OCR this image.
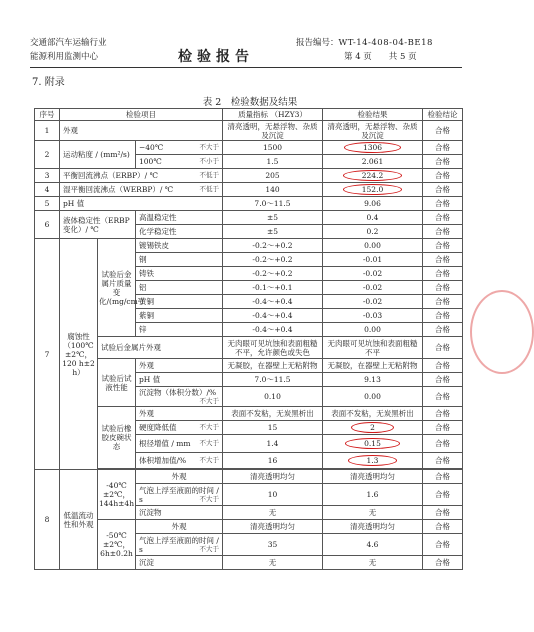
交通部汽车运输行业
能源利用监测中心	检验报告
报告编号：WT-14-408-04-BE18
第 4 页　　共 5 页
7. 附录
表 2　检验数据及结果
序号	检验项目			质量指标 （HZY3）	检验结果	检验结论
1	外观			清亮透明，无悬浮物、杂质及沉淀	清亮透明，无悬浮物、杂质及沉淀	合格
2	运动粘度 / (mm²/s)		−40℃ 不大于	1500	1306	合格
			100℃ 不小于	1.5	2.061	合格
3	平衡回流沸点（ERBP）/ ℃ 不低于			205	224.2	合格
4	湿平衡回流沸点（WERBP）/ ℃ 不低于			140	152.0	合格
5	pH 值			7.0～11.5	9.06	合格
6	液体稳定性（ERBP 变化）/ ℃		高温稳定性	±5	0.4	合格
			化学稳定性	±5	0.2	合格
7	腐蚀性（100℃±2℃，120 h±2 h）	试验后金属片质量变化/(mg/cm²)	镀锡铁皮	-0.2～+0.2	0.00	合格
			钢	-0.2～+0.2	-0.01	合格
			铸铁	-0.2～+0.2	-0.02	合格
			铝	-0.1～+0.1	-0.02	合格
			黄铜	-0.4～+0.4	-0.02	合格
			紫铜	-0.4～+0.4	-0.03	合格
			锌	-0.4～+0.4	0.00	合格
		试验后金属片外观		无肉眼可见坑蚀和表面粗糙不平，允许颜色或失色	无肉眼可见坑蚀和表面粗糙不平	合格
		试验后试液性能	外观	无凝胶，在器壁上无粘附物	无凝胶，在器壁上无粘附物	合格
			pH 值	7.0～11.5	9.13	合格
			沉淀物（体积分数）/%
不大于	0.10	0.00	合格
		试验后橡胶皮碗状态	外观	表面不发粘，无炭黑析出	表面不发粘，无炭黑析出	合格
			硬度降低值 不大于	15	2	合格
			根径增值 / mm 不大于	1.4	0.15	合格
			体积增加值/% 不大于	16	1.3	合格

8	低温流动性和外观	-40℃±2℃，144h±4h	外观	清亮透明均匀	清亮透明均匀	合格
			气泡上浮至液面的时间 / s 不大于	10	1.6	合格
			沉淀物	无	无	合格
		-50℃±2℃，6h±0.2h	外观	清亮透明均匀	清亮透明均匀	合格
			气泡上浮至液面的时间 / s 不大于	35	4.6	合格
			沉淀	无	无	合格
